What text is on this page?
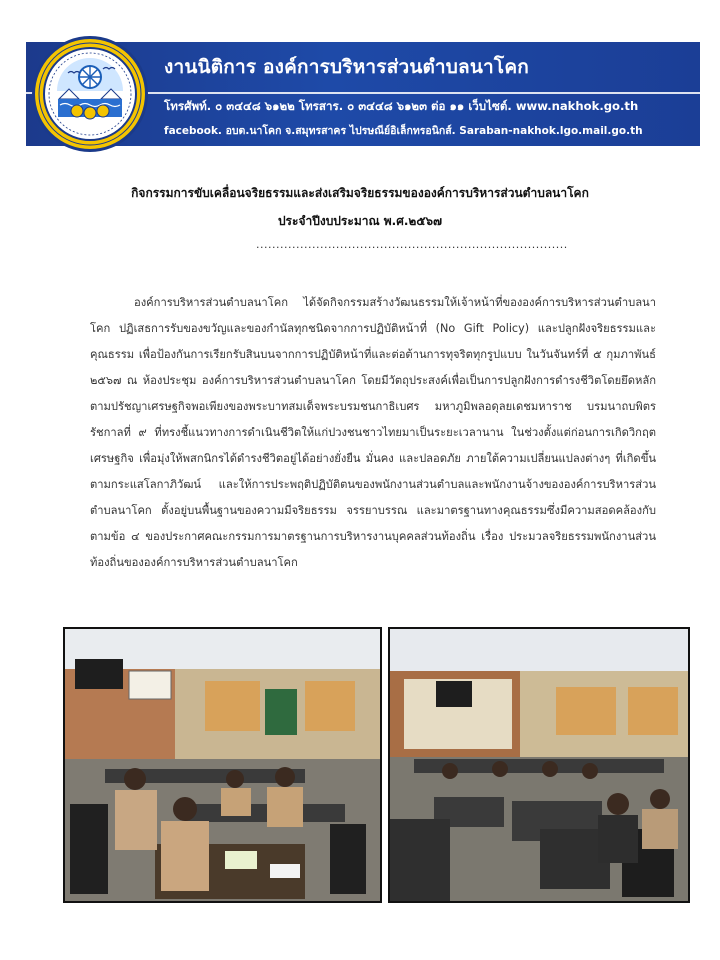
งานนิติการ องค์การบริหารส่วนตำบลนาโคก
โทรศัพท์. ๐ ๓๔๔๘ ๖๑๒๒ โทรสาร. ๐ ๓๔๔๘ ๖๑๒๓ ต่อ ๑๑ เว็บไซต์. www.nakhok.go.th
facebook. อบต.นาโคก จ.สมุทรสาคร ไปรษณีย์อิเล็กทรอนิกส์. Saraban-nakhok.lgo.mail.go.th
กิจกรรมการขับเคลื่อนจริยธรรมและส่งเสริมจริยธรรมขององค์การบริหารส่วนตำบลนาโคก
ประจำปีงบประมาณ พ.ศ.๒๕๖๗
..............................................................................
องค์การบริหารส่วนตำบลนาโคก ได้จัดกิจกรรมสร้างวัฒนธรรมให้เจ้าหน้าที่ขององค์การบริหารส่วนตำบลนาโคก ปฏิเสธการรับของขวัญและของกำนัลทุกชนิดจากการปฏิบัติหน้าที่ (No Gift Policy) และปลูกฝังจริยธรรมและคุณธรรม เพื่อป้องกันการเรียกรับสินบนจากการปฏิบัติหน้าที่และต่อต้านการทุจริตทุกรูปแบบ ในวันจันทร์ที่ ๕ กุมภาพันธ์ ๒๕๖๗ ณ ห้องประชุม องค์การบริหารส่วนตำบลนาโคก โดยมีวัตถุประสงค์เพื่อเป็นการปลูกฝังการดำรงชีวิตโดยยึดหลักตามปรัชญาเศรษฐกิจพอเพียงของพระบาทสมเด็จพระบรมชนกาธิเบศร มหาภูมิพลอดุลยเดชมหาราช บรมนาถบพิตร รัชกาลที่ ๙ ที่ทรงชี้แนวทางการดำเนินชีวิตให้แก่ปวงชนชาวไทยมาเป็นระยะเวลานาน ในช่วงตั้งแต่ก่อนการเกิดวิกฤตเศรษฐกิจ เพื่อมุ่งให้พสกนิกรได้ดำรงชีวิตอยู่ได้อย่างยั่งยืน มั่นคง และปลอดภัย ภายใต้ความเปลี่ยนแปลงต่างๆ ที่เกิดขึ้นตามกระแสโลกาภิวัฒน์ และให้การประพฤติปฏิบัติตนของพนักงานส่วนตำบลและพนักงานจ้างขององค์การบริหารส่วนตำบลนาโคก ตั้งอยู่บนพื้นฐานของความมีจริยธรรม จรรยาบรรณ และมาตรฐานทางคุณธรรมซึ่งมีความสอดคล้องกับตามข้อ ๔ ของประกาศคณะกรรมการมาตรฐานการบริหารงานบุคคลส่วนท้องถิ่น เรื่อง ประมวลจริยธรรมพนักงานส่วนท้องถิ่นขององค์การบริหารส่วนตำบลนาโคก
